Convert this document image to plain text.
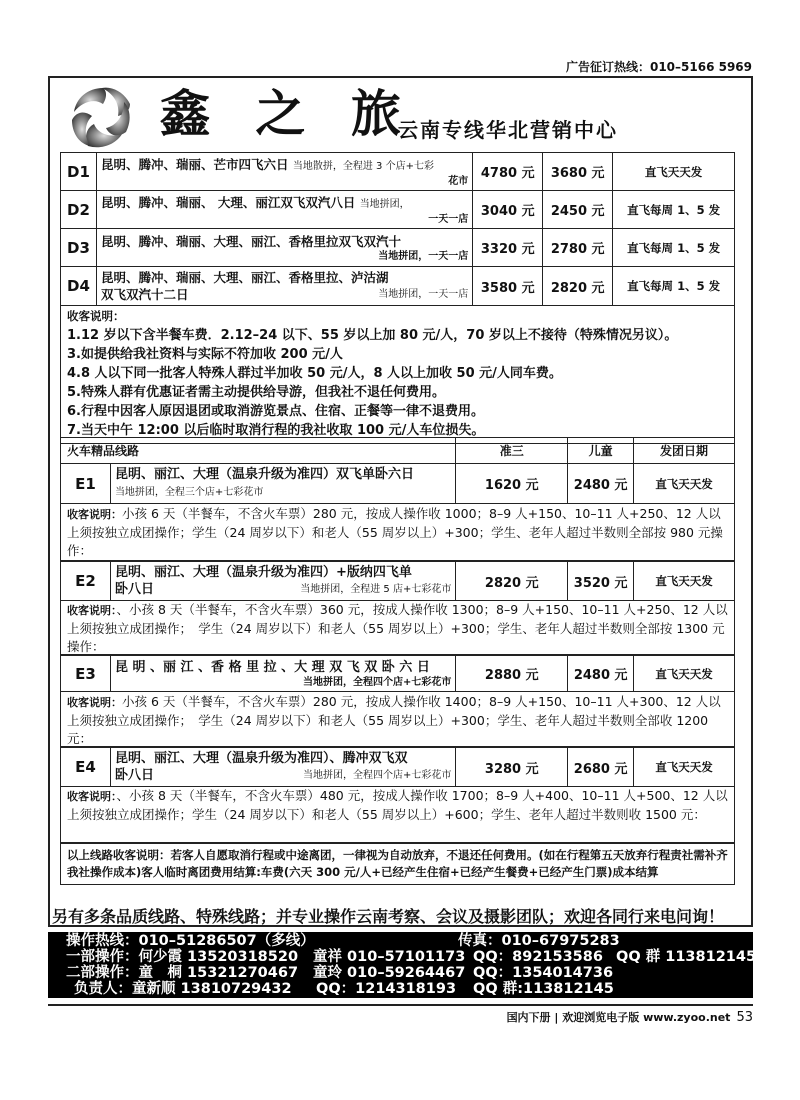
广告征订热线：010–5166 5969
鑫 之 旅
云南专线华北营销中心
D1	昆明、腾冲、瑞丽、芒市四飞六日 当地散拼，全程进 3 个店+七彩
花市	4780 元	3680 元	直飞天天发
D2	昆明、腾冲、瑞丽、 大理、丽江双飞双汽八日 当地拼团，
一天一店	3040 元	2450 元	直飞每周 1、5 发
D3	昆明、腾冲、瑞丽、大理、丽江、香格里拉双飞双汽十
当地拼团，一天一店	3320 元	2780 元	直飞每周 1、5 发
D4	昆明、腾冲、瑞丽、大理、丽江、香格里拉、泸沽湖
双飞双汽十二日 当地拼团，一天一店	3580 元	2820 元	直飞每周 1、5 发
收客说明：
1.12 岁以下含半餐车费．2.12–24 以下、55 岁以上加 80 元/人，70 岁以上不接待（特殊情况另议）。
3.如提供给我社资料与实际不符加收 200 元/人
4.8 人以下同一批客人特殊人群过半加收 50 元/人，8 人以上加收 50 元/人同车费。
5.特殊人群有优惠证者需主动提供给导游，但我社不退任何费用。
6.行程中因客人原因退团或取消游览景点、住宿、正餐等一律不退费用。
7.当天中午 12:00 以后临时取消行程的我社收取 100 元/人车位损失。
火车精品线路	准三	儿童	发团日期
E1	昆明、丽江、大理（温泉升级为准四）双飞单卧六日
当地拼团，全程三个店+七彩花市	1620 元	2480 元	直飞天天发
收客说明：小孩 6 天（半餐车，不含火车票）280 元，按成人操作收 1000；8–9 人+150、10–11 人+250、12 人以上须按独立成团操作；学生（24 周岁以下）和老人（55 周岁以上）+300；学生、老年人超过半数则全部按 980 元操作：
E2	昆明、丽江、大理（温泉升级为准四）+版纳四飞单
卧八日	当地拼团，全程进 5 店+七彩花市	2820 元	3520 元	直飞天天发
收客说明：、小孩 8 天（半餐车，不含火车票）360 元，按成人操作收 1300；8–9 人+150、10–11 人+250、12 人以上须按独立成团操作；　学生（24 周岁以下）和老人（55 周岁以上）+300；学生、老年人超过半数则全部按 1300 元操作：
E3	昆 明 、丽 江 、香 格 里 拉 、大 理 双 飞 双 卧 六 日
当地拼团，全程四个店+七彩花市	2880 元	2480 元	直飞天天发
收客说明：小孩 6 天（半餐车，不含火车票）280 元，按成人操作收 1400；8–9 人+150、10–11 人+300、12 人以上须按独立成团操作；　学生（24 周岁以下）和老人（55 周岁以上）+300；学生、老年人超过半数则全部收 1200 元：
E4	昆明、丽江、大理（温泉升级为准四）、腾冲双飞双
卧八日	当地拼团，全程四个店+七彩花市	3280 元	2680 元	直飞天天发
收客说明：、小孩 8 天（半餐车，不含火车票）480 元，按成人操作收 1700；8–9 人+400、10–11 人+500、12 人以上须按独立成团操作；学生（24 周岁以下）和老人（55 周岁以上）+600；学生、老年人超过半数则收 1500 元：
以上线路收客说明：若客人自愿取消行程或中途离团，一律视为自动放弃，不退还任何费用。(如在行程第五天放弃行程责社需补齐我社操作成本)客人临时离团费用结算:车费(六天 300 元/人+已经产生住宿+已经产生餐费+已经产生门票)成本结算
另有多条品质线路、特殊线路；并专业操作云南考察、会议及摄影团队；欢迎各同行来电问询！
操作热线：010–51286507（多线）	传真：010–67975283
一部操作：何少霞 13520318520 童祥 010–57101173 QQ：892153586 QQ 群 113812145
二部操作：童　桐 15321270467 童玲 010–59264467 QQ：1354014736
负责人：童新顺 13810729432 QQ：1214318193 QQ 群:113812145
国内下册 | 欢迎浏览电子版 www.zyoo.net 53
